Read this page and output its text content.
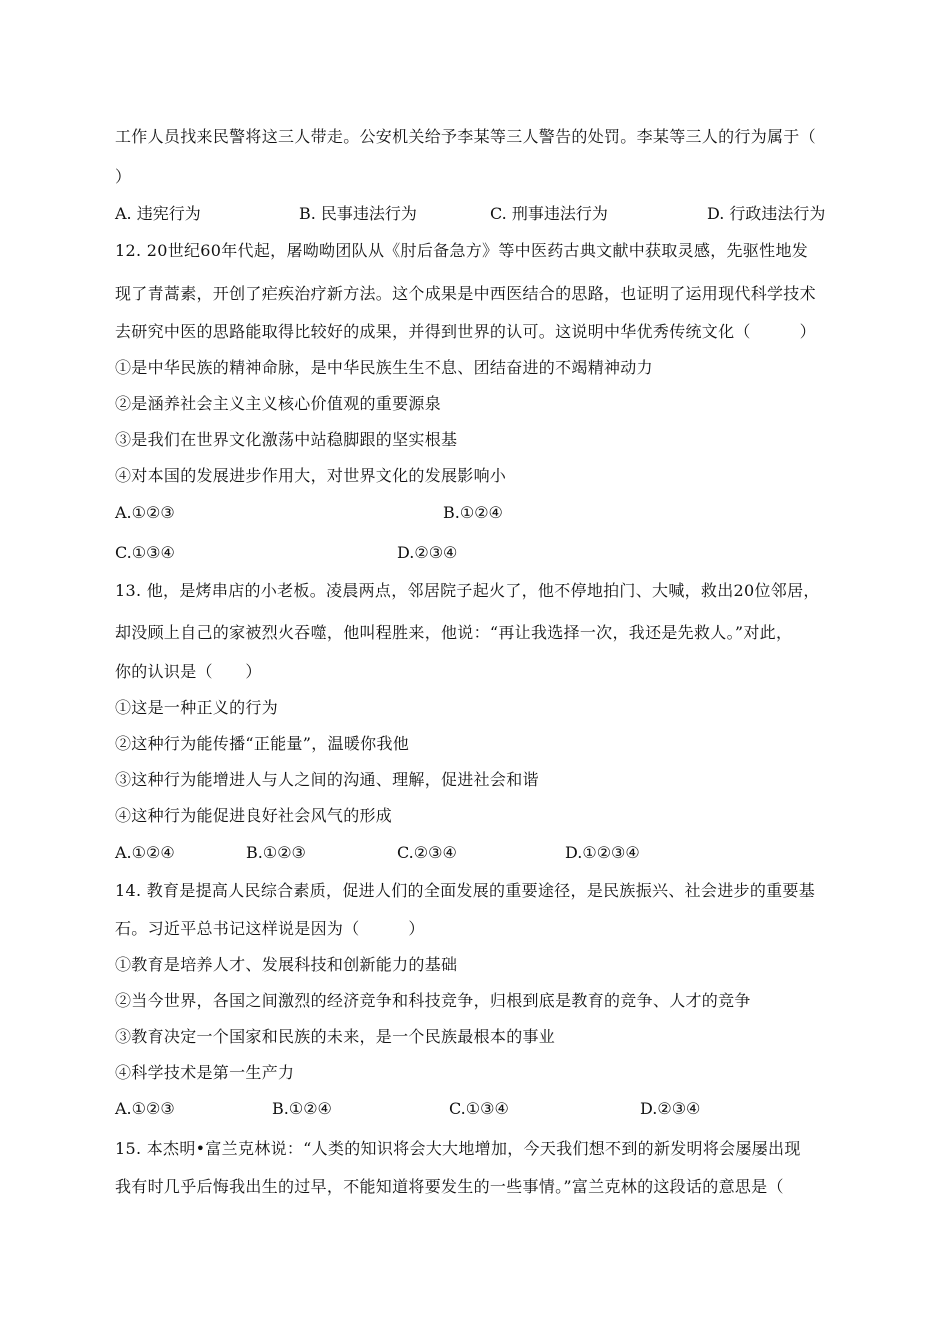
工作人员找来民警将这三人带走。公安机关给予李某等三人警告的处罚。李某等三人的行为属于（
）
A. 违宪行为	B. 民事违法行为	C. 刑事违法行为	D. 行政违法行为
12. 20世纪60年代起，屠呦呦团队从《肘后备急方》等中医药古典文献中获取灵感，先驱性地发
现了青蒿素，开创了疟疾治疗新方法。这个成果是中西医结合的思路，也证明了运用现代科学技术
去研究中医的思路能取得比较好的成果，并得到世界的认可。这说明中华优秀传统文化（　　　）
①是中华民族的精神命脉，是中华民族生生不息、团结奋进的不竭精神动力
②是涵养社会主义主义核心价值观的重要源泉
③是我们在世界文化激荡中站稳脚跟的坚实根基
④对本国的发展进步作用大，对世界文化的发展影响小
A.①②③	B.①②④
C.①③④	D.②③④
13. 他，是烤串店的小老板。凌晨两点，邻居院子起火了，他不停地拍门、大喊，救出20位邻居，
却没顾上自己的家被烈火吞噬，他叫程胜来，他说：“再让我选择一次，我还是先救人。”对此，
你的认识是（　　）
①这是一种正义的行为
②这种行为能传播“正能量”，温暖你我他
③这种行为能增进人与人之间的沟通、理解，促进社会和谐
④这种行为能促进良好社会风气的形成
A.①②④	B.①②③	C.②③④	D.①②③④
14. 教育是提高人民综合素质，促进人们的全面发展的重要途径，是民族振兴、社会进步的重要基
石。习近平总书记这样说是因为（　　　）
①教育是培养人才、发展科技和创新能力的基础
②当今世界，各国之间激烈的经济竞争和科技竞争，归根到底是教育的竞争、人才的竞争
③教育决定一个国家和民族的未来，是一个民族最根本的事业
④科学技术是第一生产力
A.①②③	B.①②④	C.①③④	D.②③④
15. 本杰明•富兰克林说：“人类的知识将会大大地增加，今天我们想不到的新发明将会屡屡出现
我有时几乎后悔我出生的过早，不能知道将要发生的一些事情。”富兰克林的这段话的意思是（
